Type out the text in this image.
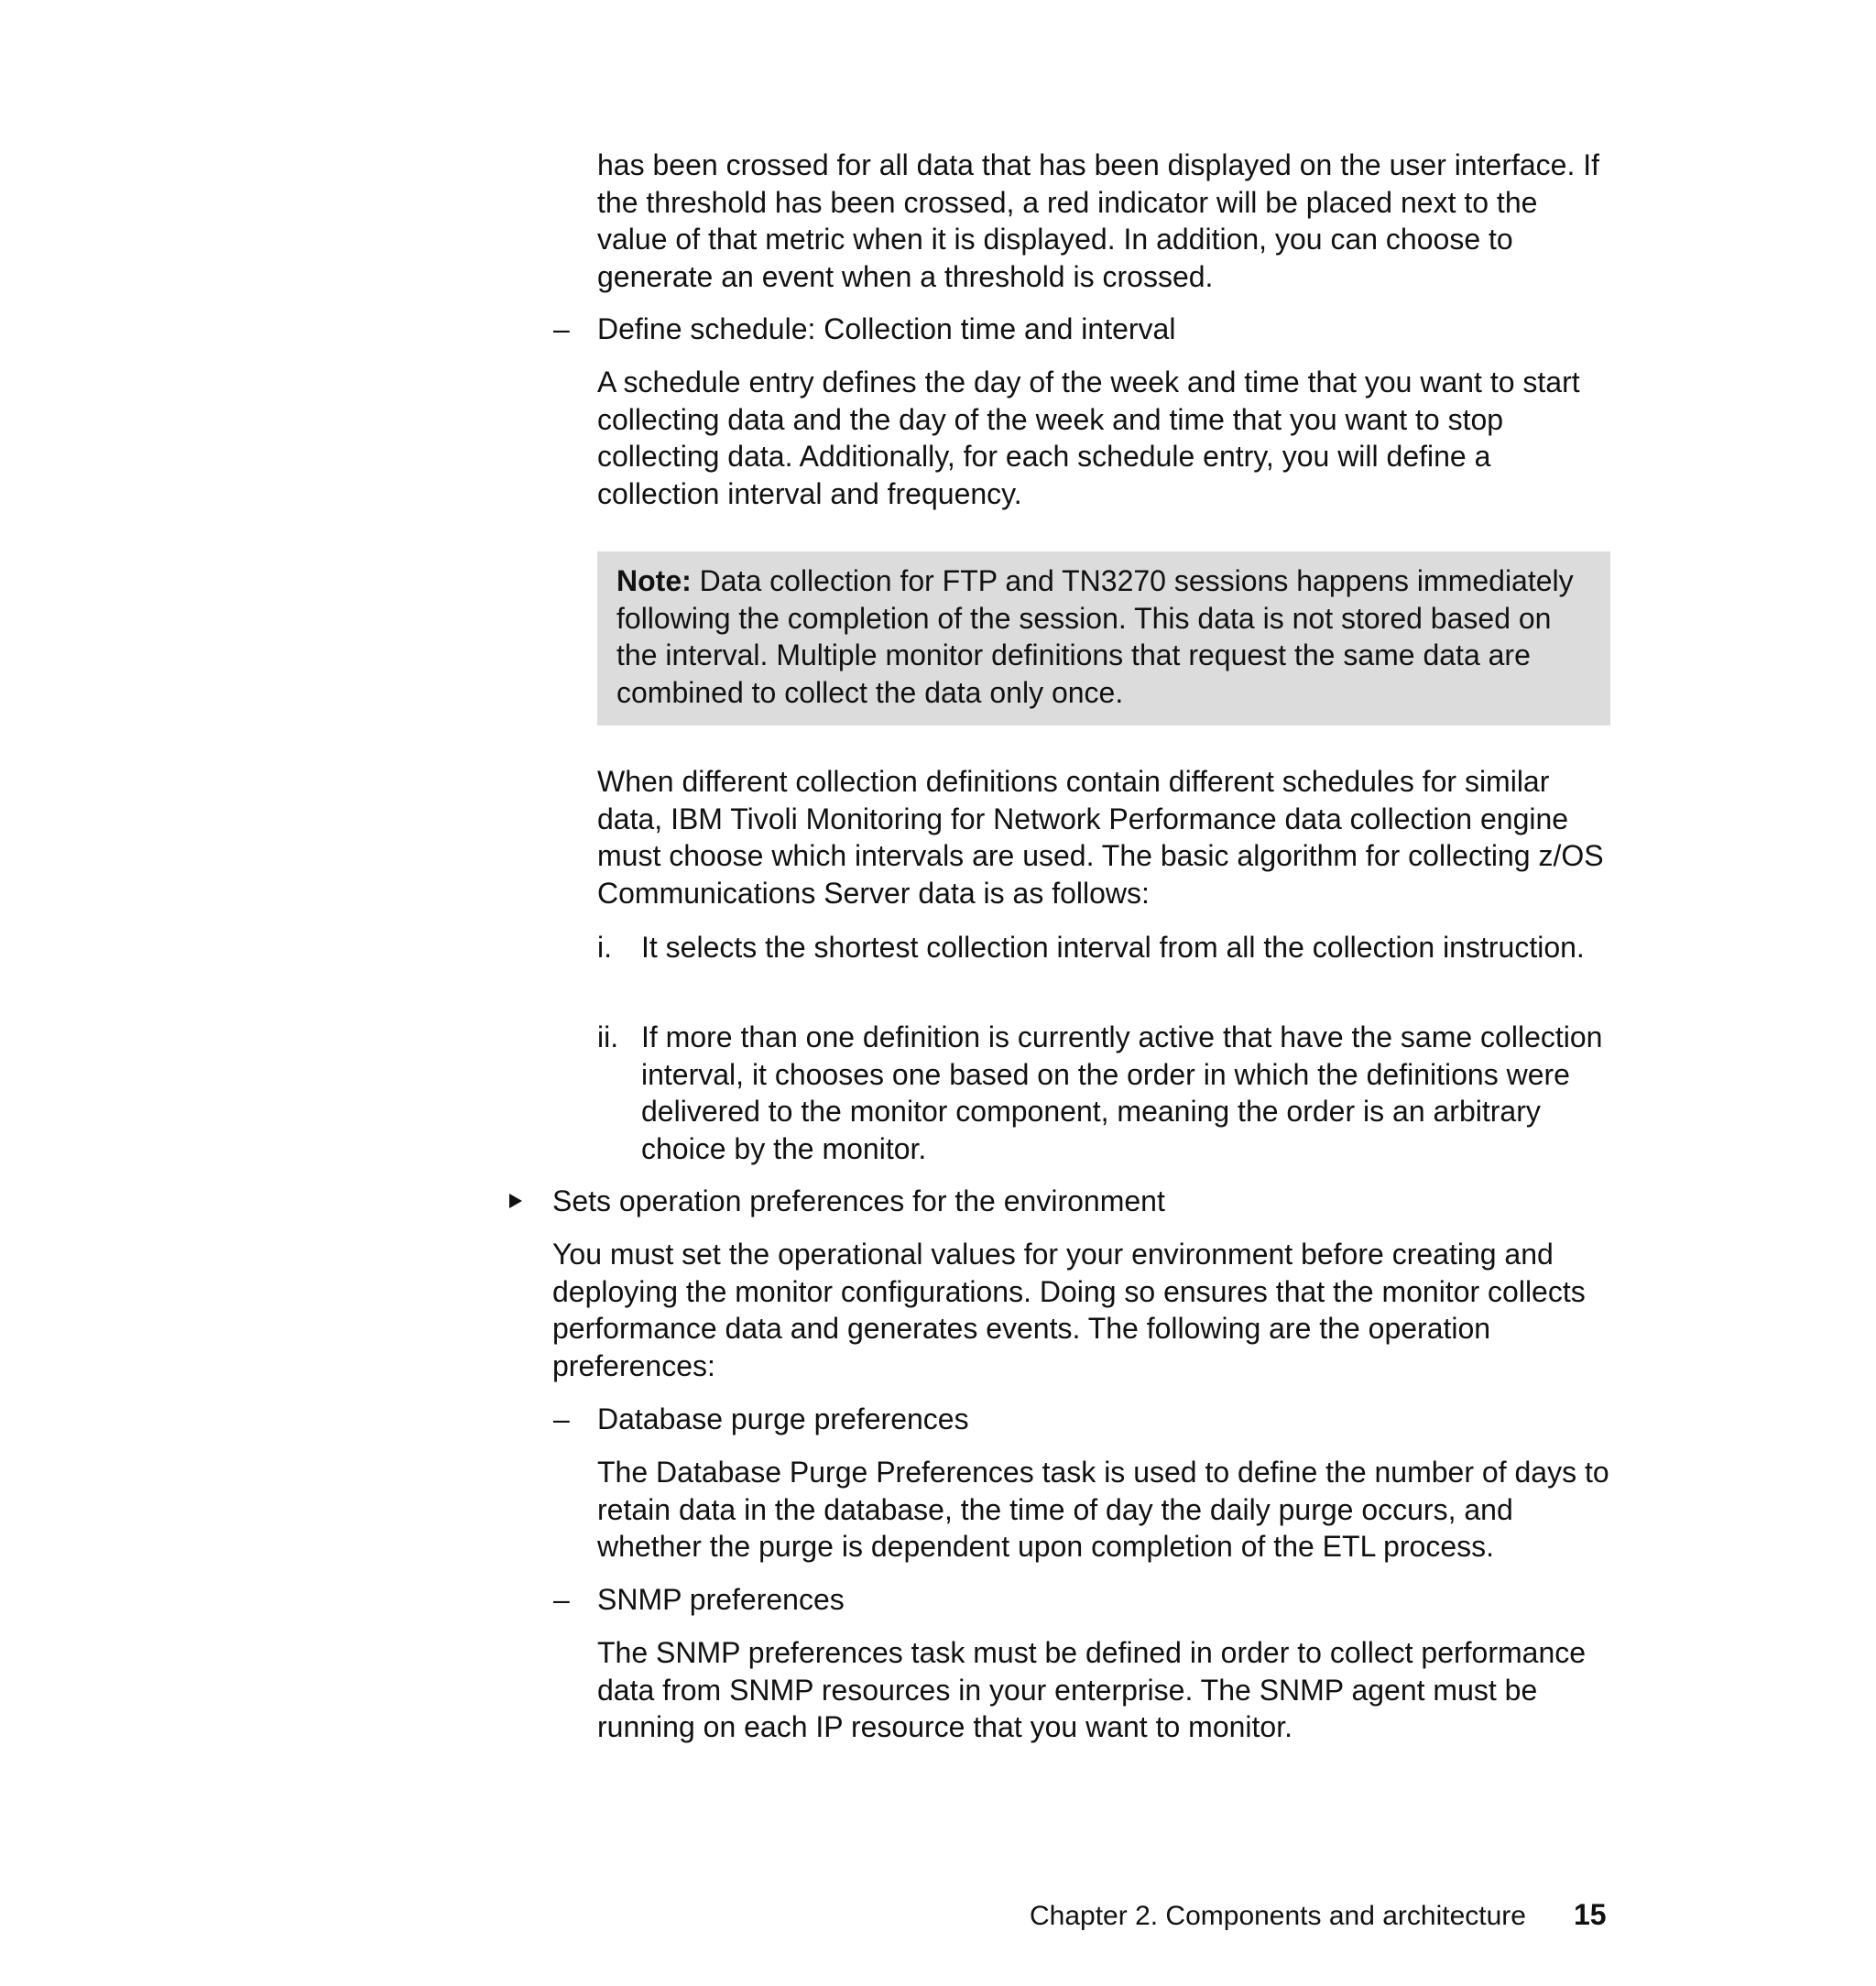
has been crossed for all data that has been displayed on the user interface. If the threshold has been crossed, a red indicator will be placed next to the value of that metric when it is displayed. In addition, you can choose to generate an event when a threshold is crossed.

– Define schedule: Collection time and interval

A schedule entry defines the day of the week and time that you want to start collecting data and the day of the week and time that you want to stop collecting data. Additionally, for each schedule entry, you will define a collection interval and frequency.

Note: Data collection for FTP and TN3270 sessions happens immediately following the completion of the session. This data is not stored based on the interval. Multiple monitor definitions that request the same data are combined to collect the data only once.

When different collection definitions contain different schedules for similar data, IBM Tivoli Monitoring for Network Performance data collection engine must choose which intervals are used. The basic algorithm for collecting z/OS Communications Server data is as follows:

i. It selects the shortest collection interval from all the collection instruction.

ii. If more than one definition is currently active that have the same collection interval, it chooses one based on the order in which the definitions were delivered to the monitor component, meaning the order is an arbitrary choice by the monitor.

Sets operation preferences for the environment

You must set the operational values for your environment before creating and deploying the monitor configurations. Doing so ensures that the monitor collects performance data and generates events. The following are the operation preferences:

– Database purge preferences

The Database Purge Preferences task is used to define the number of days to retain data in the database, the time of day the daily purge occurs, and whether the purge is dependent upon completion of the ETL process.

– SNMP preferences

The SNMP preferences task must be defined in order to collect performance data from SNMP resources in your enterprise. The SNMP agent must be running on each IP resource that you want to monitor.

Chapter 2. Components and architecture 15
